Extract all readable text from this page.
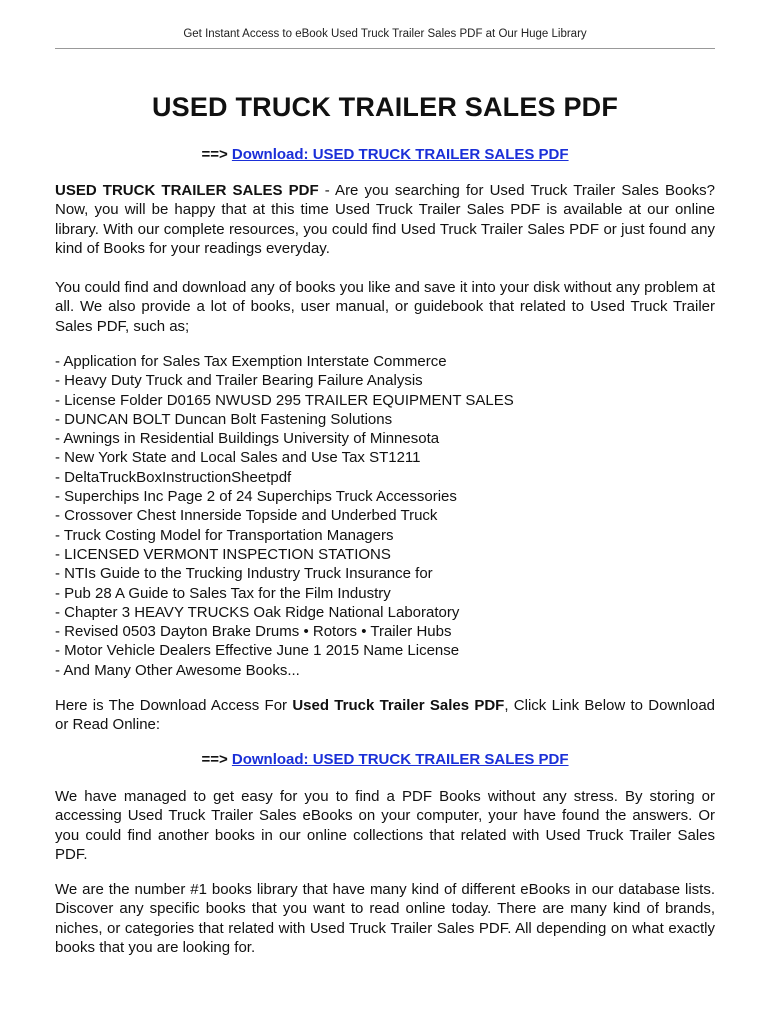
Get Instant Access to eBook Used Truck Trailer Sales PDF at Our Huge Library
USED TRUCK TRAILER SALES PDF
==> Download: USED TRUCK TRAILER SALES PDF

USED TRUCK TRAILER SALES PDF - Are you searching for Used Truck Trailer Sales Books? Now, you will be happy that at this time Used Truck Trailer Sales PDF is available at our online library. With our complete resources, you could find Used Truck Trailer Sales PDF or just found any kind of Books for your readings everyday.

You could find and download any of books you like and save it into your disk without any problem at all. We also provide a lot of books, user manual, or guidebook that related to Used Truck Trailer Sales PDF, such as;

- Application for Sales Tax Exemption Interstate Commerce
- Heavy Duty Truck and Trailer Bearing Failure Analysis
- License Folder D0165 NWUSD 295 TRAILER EQUIPMENT SALES
- DUNCAN BOLT Duncan Bolt Fastening Solutions
- Awnings in Residential Buildings University of Minnesota
- New York State and Local Sales and Use Tax ST1211
- DeltaTruckBoxInstructionSheetpdf
- Superchips Inc Page 2 of 24 Superchips Truck Accessories
- Crossover Chest Innerside Topside and Underbed Truck
- Truck Costing Model for Transportation Managers
- LICENSED VERMONT INSPECTION STATIONS
- NTIs Guide to the Trucking Industry Truck Insurance for
- Pub 28 A Guide to Sales Tax for the Film Industry
- Chapter 3 HEAVY TRUCKS Oak Ridge National Laboratory
- Revised 0503 Dayton Brake Drums • Rotors • Trailer Hubs
- Motor Vehicle Dealers Effective June 1 2015 Name License
- And Many Other Awesome Books...

Here is The Download Access For Used Truck Trailer Sales PDF, Click Link Below to Download or Read Online:

==> Download: USED TRUCK TRAILER SALES PDF

We have managed to get easy for you to find a PDF Books without any stress. By storing or accessing Used Truck Trailer Sales eBooks on your computer, your have found the answers. Or you could find another books in our online collections that related with Used Truck Trailer Sales PDF.

We are the number #1 books library that have many kind of different eBooks in our database lists. Discover any specific books that you want to read online today. There are many kind of brands, niches, or categories that related with Used Truck Trailer Sales PDF. All depending on what exactly books that you are looking for.
